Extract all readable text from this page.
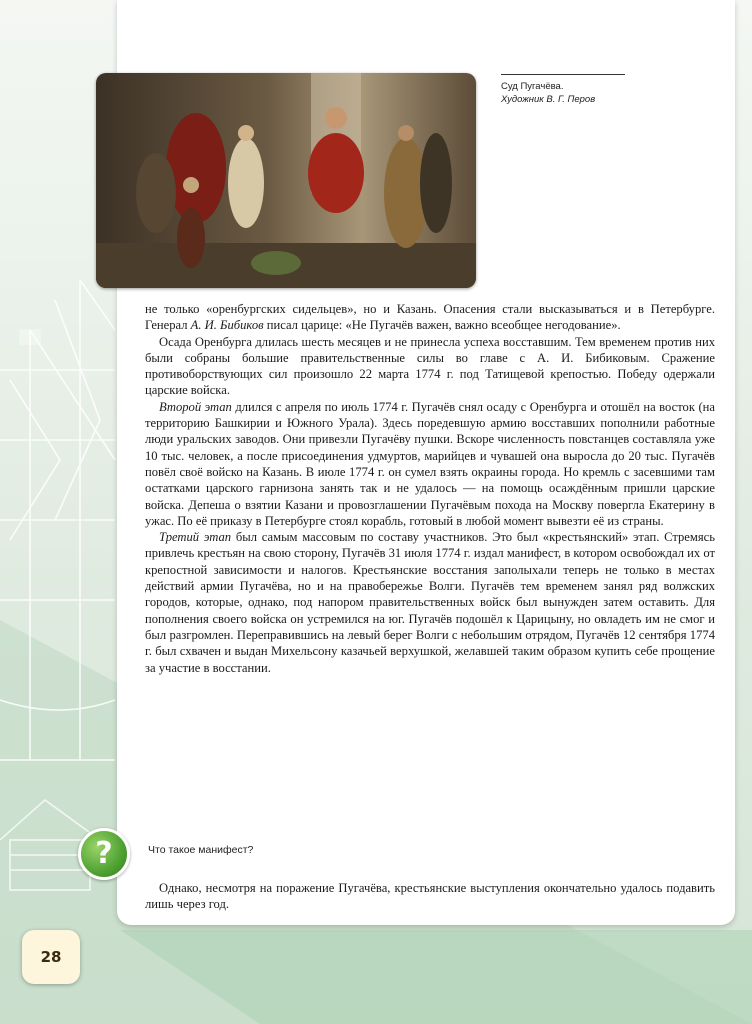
Суд Пугачёва.
Художник В. Г. Перов

не только «оренбургских сидельцев», но и Казань. Опасения стали высказываться и в Петербурге. Генерал А. И. Бибиков писал царице: «Не Пугачёв важен, важно всеобщее негодование».

Осада Оренбурга длилась шесть месяцев и не принесла успеха восставшим. Тем временем против них были собраны большие правительственные силы во главе с А. И. Бибиковым. Сражение противоборствующих сил произошло 22 марта 1774 г. под Татищевой крепостью. Победу одержали царские войска.

Второй этап длился с апреля по июль 1774 г. Пугачёв снял осаду с Оренбурга и отошёл на восток (на территорию Башкирии и Южного Урала). Здесь поредевшую армию восставших пополнили работные люди уральских заводов. Они привезли Пугачёву пушки. Вскоре численность повстанцев составляла уже 10 тыс. человек, а после присоединения удмуртов, марийцев и чувашей она выросла до 20 тыс. Пугачёв повёл своё войско на Казань. В июле 1774 г. он сумел взять окраины города. Но кремль с засевшими там остатками царского гарнизона занять так и не удалось — на помощь осаждённым пришли царские войска. Депеша о взятии Казани и провозглашении Пугачёвым похода на Москву повергла Екатерину в ужас. По её приказу в Петербурге стоял корабль, готовый в любой момент вывезти её из страны.

Третий этап был самым массовым по составу участников. Это был «крестьянский» этап. Стремясь привлечь крестьян на свою сторону, Пугачёв 31 июля 1774 г. издал манифест, в котором освобождал их от крепостной зависимости и налогов. Крестьянские восстания заполыхали теперь не только в местах действий армии Пугачёва, но и на правобережье Волги. Пугачёв тем временем занял ряд волжских городов, которые, однако, под напором правительственных войск был вынужден затем оставить. Для пополнения своего войска он устремился на юг. Пугачёв подошёл к Царицыну, но овладеть им не смог и был разгромлен. Переправившись на левый берег Волги с небольшим отрядом, Пугачёв 12 сентября 1774 г. был схвачен и выдан Михельсону казачьей верхушкой, желавшей таким образом купить себе прощение за участие в восстании.

?	Что такое манифест?

Однако, несмотря на поражение Пугачёва, крестьянские выступления окончательно удалось подавить лишь через год.

28
